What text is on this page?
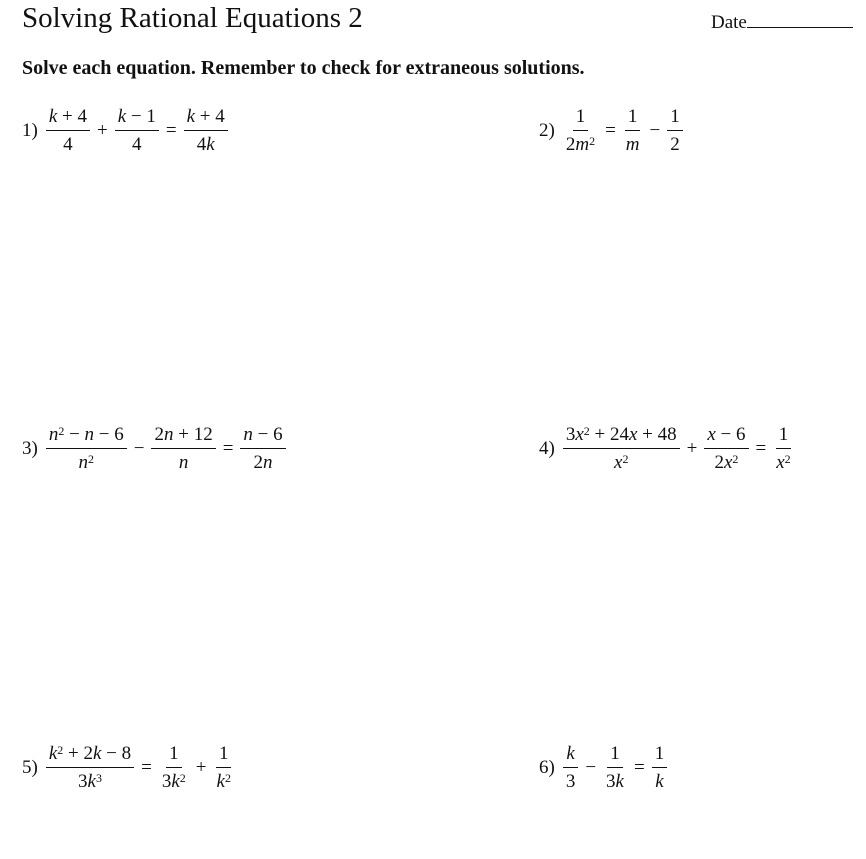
Solving Rational Equations 2	Date
Solve each equation. Remember to check for extraneous solutions.
$1) \frac{k + 4}{4} + \frac{k - 1}{4} = \frac{k + 4}{4k}$	$2) \frac{1}{2m^2} = \frac{1}{m} - \frac{1}{2}$
$3) \frac{n^2 - n - 6}{n^2} - \frac{2n + 12}{n} = \frac{n - 6}{2n}$	$4) \frac{3x^2 + 24x + 48}{x^2} + \frac{x - 6}{2x^2} = \frac{1}{x^2}$
$5) \frac{k^2 + 2k - 8}{3k^3} = \frac{1}{3k^2} + \frac{1}{k^2}$	$6) \frac{k}{3} - \frac{1}{3k} = \frac{1}{k}$
